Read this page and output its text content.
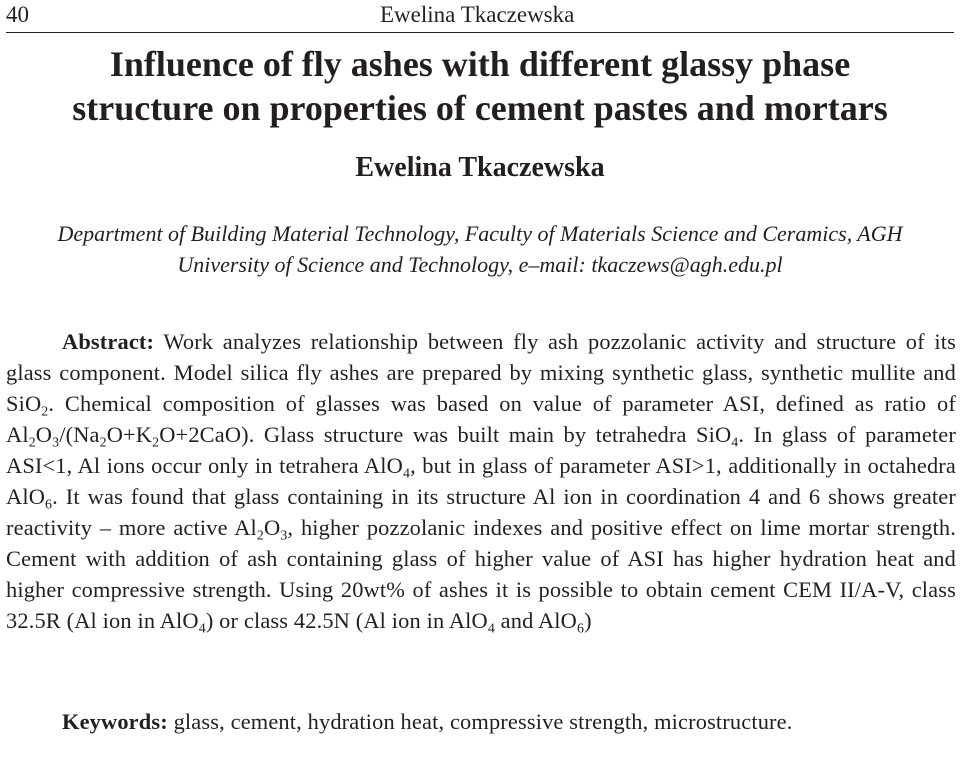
40	Ewelina Tkaczewska
Influence of fly ashes with different glassy phase
structure on properties of cement pastes and mortars

Ewelina Tkaczewska

Department of Building Material Technology, Faculty of Materials Science and Ceramics, AGH
University of Science and Technology, e–mail: tkaczews@agh.edu.pl

Abstract: Work analyzes relationship between fly ash pozzolanic activity and structure of its glass component. Model silica fly ashes are prepared by mixing synthetic glass, synthetic mullite and SiO$_2$. Chemical composition of glasses was based on value of parameter ASI, defined as ratio of $Al_2O_3/(Na_2O+K_2O+2CaO)$. Glass structure was built main by tetrahedra SiO$_4$. In glass of parameter ASI<1, Al ions occur only in tetrahera AlO$_4$, but in glass of parameter ASI>1, additionally in octahedra AlO$_6$. It was found that glass containing in its structure Al ion in coordination 4 and 6 shows greater reactivity – more active $Al_2O_3$, higher pozzolanic indexes and positive effect on lime mortar strength. Cement with addition of ash containing glass of higher value of ASI has higher hydration heat and higher compressive strength. Using 20wt% of ashes it is possible to obtain cement CEM II/A-V, class 32.5R (Al ion in AlO$_4$) or class 42.5N (Al ion in AlO$_4$ and AlO$_6$)

Keywords: glass, cement, hydration heat, compressive strength, microstructure.
